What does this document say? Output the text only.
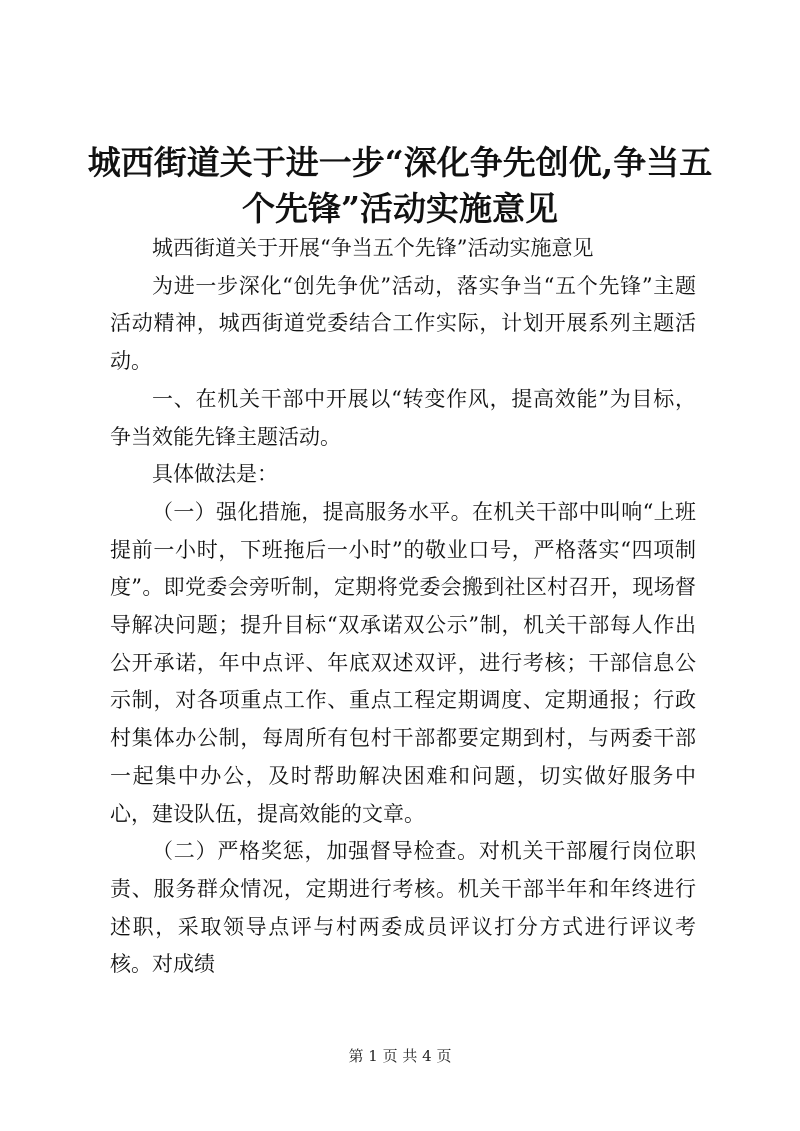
城西街道关于进一步“深化争先创优,争当五
个先锋”活动实施意见

城西街道关于开展“争当五个先锋”活动实施意见

为进一步深化“创先争优”活动，落实争当“五个先锋”主题活动精神，城西街道党委结合工作实际，计划开展系列主题活动。

一、在机关干部中开展以“转变作风，提高效能”为目标，争当效能先锋主题活动。

具体做法是：

（一）强化措施，提高服务水平。在机关干部中叫响“上班提前一小时，下班拖后一小时”的敬业口号，严格落实“四项制度”。即党委会旁听制，定期将党委会搬到社区村召开，现场督导解决问题；提升目标“双承诺双公示”制，机关干部每人作出公开承诺，年中点评、年底双述双评，进行考核；干部信息公示制，对各项重点工作、重点工程定期调度、定期通报；行政村集体办公制，每周所有包村干部都要定期到村，与两委干部一起集中办公，及时帮助解决困难和问题，切实做好服务中心，建设队伍，提高效能的文章。

（二）严格奖惩，加强督导检查。对机关干部履行岗位职责、服务群众情况，定期进行考核。机关干部半年和年终进行述职，采取领导点评与村两委成员评议打分方式进行评议考核。对成绩

第 1 页 共 4 页
